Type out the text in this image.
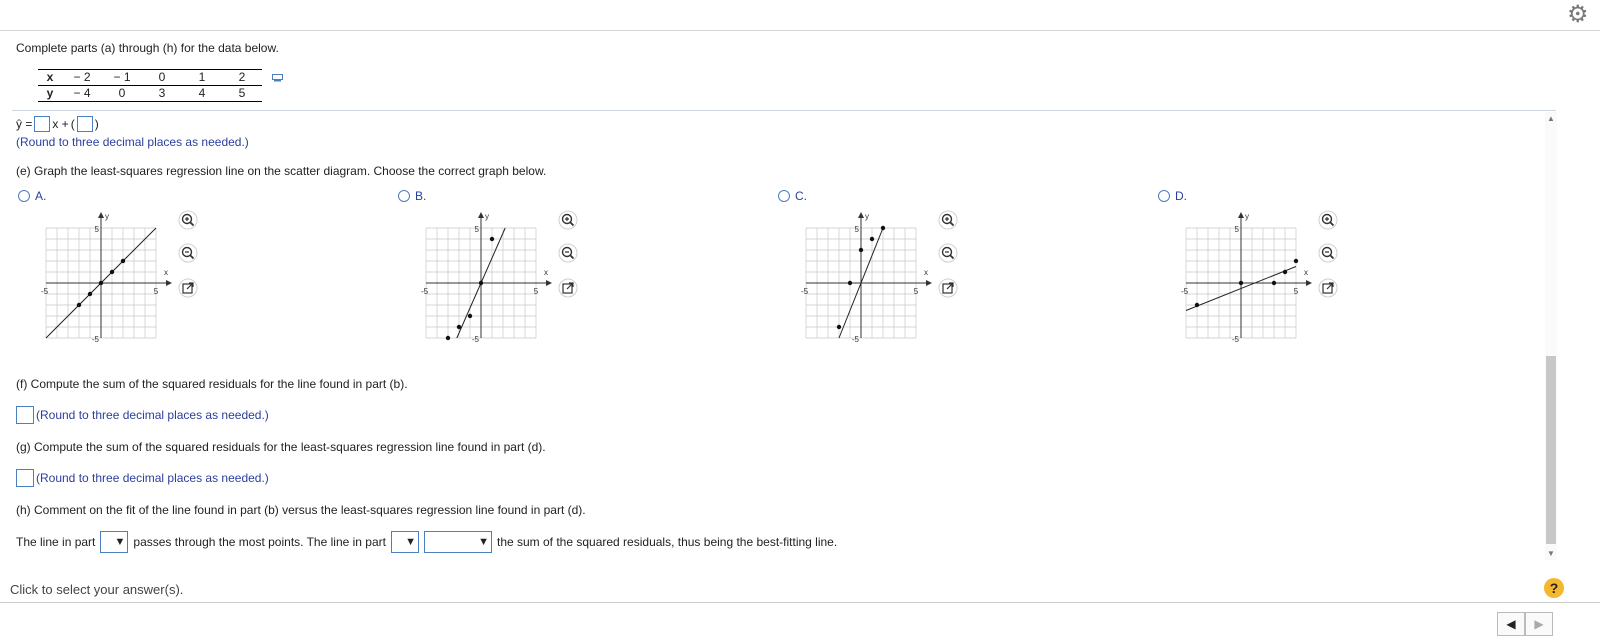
⚙
Complete parts (a) through (h) for the data below.
x	− 2	− 1	0	1	2
y	− 4	0	3	4	5
ŷ = x + ( )
(Round to three decimal places as needed.)
(e) Graph the least-squares regression line on the scatter diagram. Choose the correct graph below.
A.	B.	C.	D.
x
y
-5	5
5
-5
x
y
-5	5
5
-5
x
y
-5	5
5
-5
x
y
-5	5
5
-5
(f) Compute the sum of the squared residuals for the line found in part (b).
(Round to three decimal places as needed.)
(g) Compute the sum of the squared residuals for the least-squares regression line found in part (d).
(Round to three decimal places as needed.)
(h) Comment on the fit of the line found in part (b) versus the least-squares regression line found in part (d).
The line in part ▼ passes through the most points. The line in part ▼	▼ the sum of the squared residuals, thus being the best-fitting line.
▲
▼
Click to select your answer(s).	?
◀	▶
